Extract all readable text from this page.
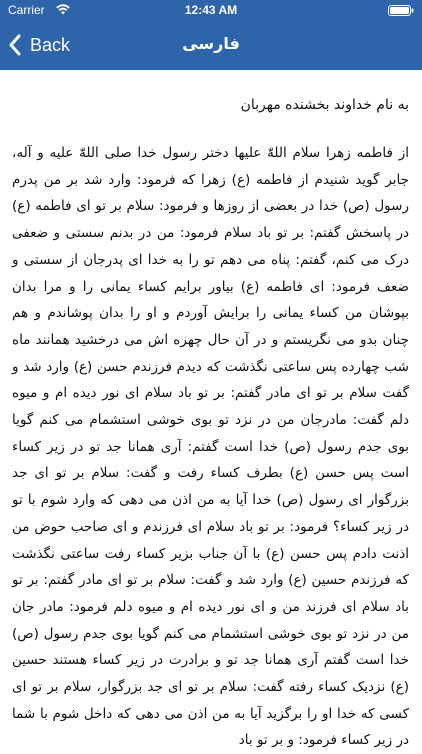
Carrier	12:43 AM
Back	فارسی

به نام خداوند بخشنده مهربان

از فاطمه زهرا سلام اللهّٰ علیها دختر رسول خدا صلی اللهّٰ علیه و آله، جابر گوید شنیدم از فاطمه (ع) زهرا که فرمود: وارد شد بر من پدرم رسول (ص) خدا در بعضی از روزها و فرمود: سلام بر تو ای فاطمه (ع) در پاسخش گفتم: بر تو باد سلام فرمود: من در بدنم سستی و ضعفی درک می کنم، گفتم: پناه می دهم تو را به خدا ای پدرجان از سستی و ضعف فرمود: ای فاطمه (ع) بیاور برایم کساء یمانی را و مرا بدان بپوشان من کساء یمانی را برایش آوردم و او را بدان پوشاندم و هم چنان بدو می نگریستم و در آن حال چهره اش می درخشید همانند ماه شب چهارده پس ساعتی نگذشت که دیدم فرزندم حسن (ع) وارد شد و گفت سلام بر تو ای مادر گفتم: بر تو باد سلام ای نور دیده ام و میوه دلم گفت: مادرجان من در نزد تو بوی خوشی استشمام می کنم گویا بوی جدم رسول (ص) خدا است گفتم: آری همانا جد تو در زیر کساء است پس حسن (ع) بطرف کساء رفت و گفت: سلام بر تو ای جد بزرگوار ای رسول (ص) خدا آیا به من اذن می دهی که وارد شوم با تو در زیر کساء؟ فرمود: بر تو باد سلام ای فرزندم و ای صاحب حوض من اذنت دادم پس حسن (ع) با آن جناب بزیر کساء رفت ساعتی نگذشت که فرزندم حسین (ع) وارد شد و گفت: سلام بر تو ای مادر گفتم: بر تو باد سلام ای فرزند من و ای نور دیده ام و میوه دلم فرمود: مادر جان من در نزد تو بوی خوشی استشمام می کنم گویا بوی جدم رسول (ص) خدا است گفتم آری همانا جد تو و برادرت در زیر کساء هستند حسین (ع) نزدیک کساء رفته گفت: سلام بر تو ای جد بزرگوار، سلام بر تو ای کسی که خدا او را برگزید آیا به من اذن می دهی که داخل شوم با شما در زیر کساء فرمود: و بر تو باد
